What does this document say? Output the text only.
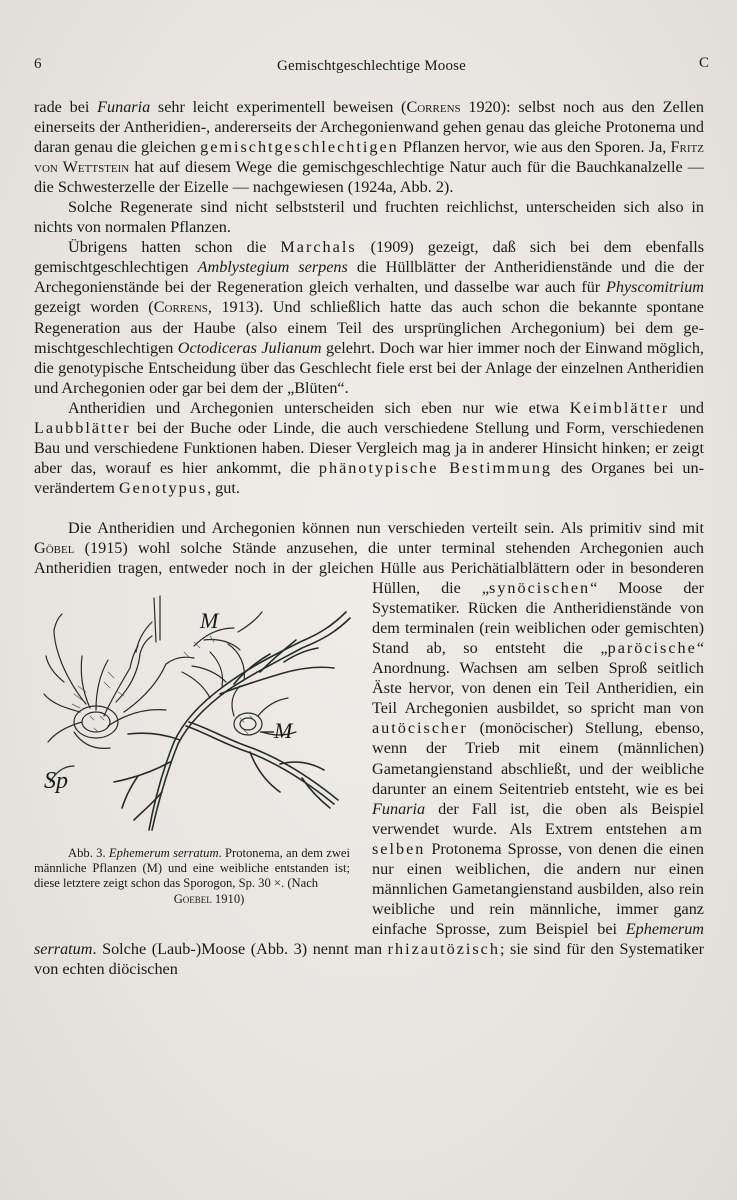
6	Gemischtgeschlechtige Moose	C

rade bei Funaria sehr leicht experimentell beweisen (Correns 1920): selbst noch aus den Zellen einerseits der Antheridien-, andererseits der Archegonienwand gehen genau das gleiche Protonema und daran genau die gleichen gemischtgeschlechtigen Pflanzen hervor, wie aus den Sporen. Ja, Fritz von Wettstein hat auf diesem Wege die gemischgeschlechtige Natur auch für die Bauchkanalzelle — die Schwesterzelle der Eizelle — nachgewiesen (1924a, Abb. 2).

Solche Regenerate sind nicht selbststeril und fruchten reichlichst, unterscheiden sich also in nichts von normalen Pflanzen.

Übrigens hatten schon die Marchals (1909) gezeigt, daß sich bei dem ebenfalls gemischtgeschlechtigen Amblystegium serpens die Hüllblätter der Antheridienstände und die der Archegonienstände bei der Regeneration gleich verhalten, und dasselbe war auch für Physcomitrium gezeigt worden (Correns, 1913). Und schließlich hatte das auch schon die bekannte spontane Regeneration aus der Haube (also einem Teil des ursprünglichen Archegonium) bei dem gemischtgeschlechtigen Octodiceras Julianum gelehrt. Doch war hier immer noch der Einwand möglich, die genotypische Entscheidung über das Geschlecht fiele erst bei der Anlage der einzelnen Antheridien und Archegonien oder gar bei dem der „Blüten“.

Antheridien und Archegonien unterscheiden sich eben nur wie etwa Keimblätter und Laubblätter bei der Buche oder Linde, die auch verschiedene Stellung und Form, verschiedenen Bau und verschiedene Funktionen haben. Dieser Vergleich mag ja in anderer Hinsicht hinken; er zeigt aber das, worauf es hier ankommt, die phänotypische Bestimmung des Organes bei unverändertem Genotypus, gut.

Die Antheridien und Archegonien können nun verschieden verteilt sein. Als primitiv sind mit Göbel (1915) wohl solche Stände anzusehen, die unter terminal stehenden Archegonien auch Antheridien tragen, entweder noch in der gleichen Hülle aus Perichätialblättern oder in besonderen Hüllen, die „
M
M
Sp
Abb. 3. Ephemerum serratum. Protonema, an dem zwei männliche Pflanzen (M) und eine weibliche entstanden ist; diese letztere zeigt schon das Sporogon, Sp. 30 ×. (Nach
Goebel 1910)
synöcischen“ Moose der Systematiker. Rücken die Antheridienstände von dem terminalen (rein weiblichen oder gemischten) Stand ab, so entsteht die „paröcische“ Anordnung. Wachsen am selben Sproß seitlich Äste hervor, von denen ein Teil Antheridien, ein Teil Archegonien ausbildet, so spricht man von autöcischer (monöcischer) Stellung, ebenso, wenn der Trieb mit einem (männlichen) Gametangienstand abschließt, und der weibliche darunter an einem Seitentrieb entsteht, wie es bei Funaria der Fall ist, die oben als Beispiel verwendet wurde. Als Extrem entstehen am selben Protonema Sprosse, von denen die einen nur einen weiblichen, die andern nur einen männlichen Gametangienstand ausbilden, also rein weibliche und rein männliche, immer ganz einfache Sprosse, zum Beispiel bei Ephemerum serratum. Solche (Laub-)Moose (Abb. 3) nennt man rhizautözisch; sie sind für den Systematiker von echten diöcischen
